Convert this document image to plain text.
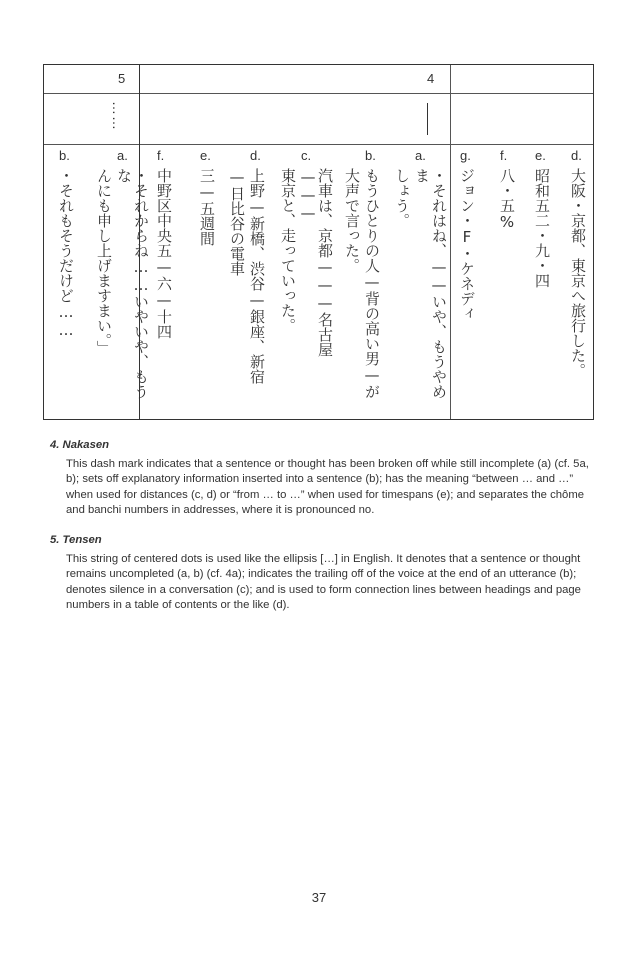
5	4
……
b.
・それもそうだけど……
a.
・それからね……いやいや、もうな
んにも申し上げますまい。」
f.
中野区中央五—六—十四
e.
三—五週間
d.
上野—新橋、渋谷—銀座、新宿
—日比谷の電車
c.
汽車は、京都———名古屋———
東京と、走っていった。
b.
もうひとりの人—背の高い男—が
大声で言った。
a.
・それはね、——いや、もうやめま
しょう。
g.
ジョン・F・ケネディ
f.
八・五%
e.
昭和五二・九・四
d.
大阪・京都、東京へ旅行した。

4. Nakasen

This dash mark indicates that a sentence or thought has been broken off while still incomplete (a) (cf. 5a, b); sets off explanatory information inserted into a sentence (b); has the meaning “between … and …” when used for distances (c, d) or “from … to …” when used for timespans (e); and separates the chôme and banchi numbers in addresses, where it is pronounced no.

5. Tensen

This string of centered dots is used like the ellipsis […] in English. It denotes that a sentence or thought remains uncompleted (a, b) (cf. 4a); indicates the trailing off of the voice at the end of an utterance (b); denotes silence in a conversation (c); and is used to form connection lines between headings and page numbers in a table of contents or the like (d).

37
